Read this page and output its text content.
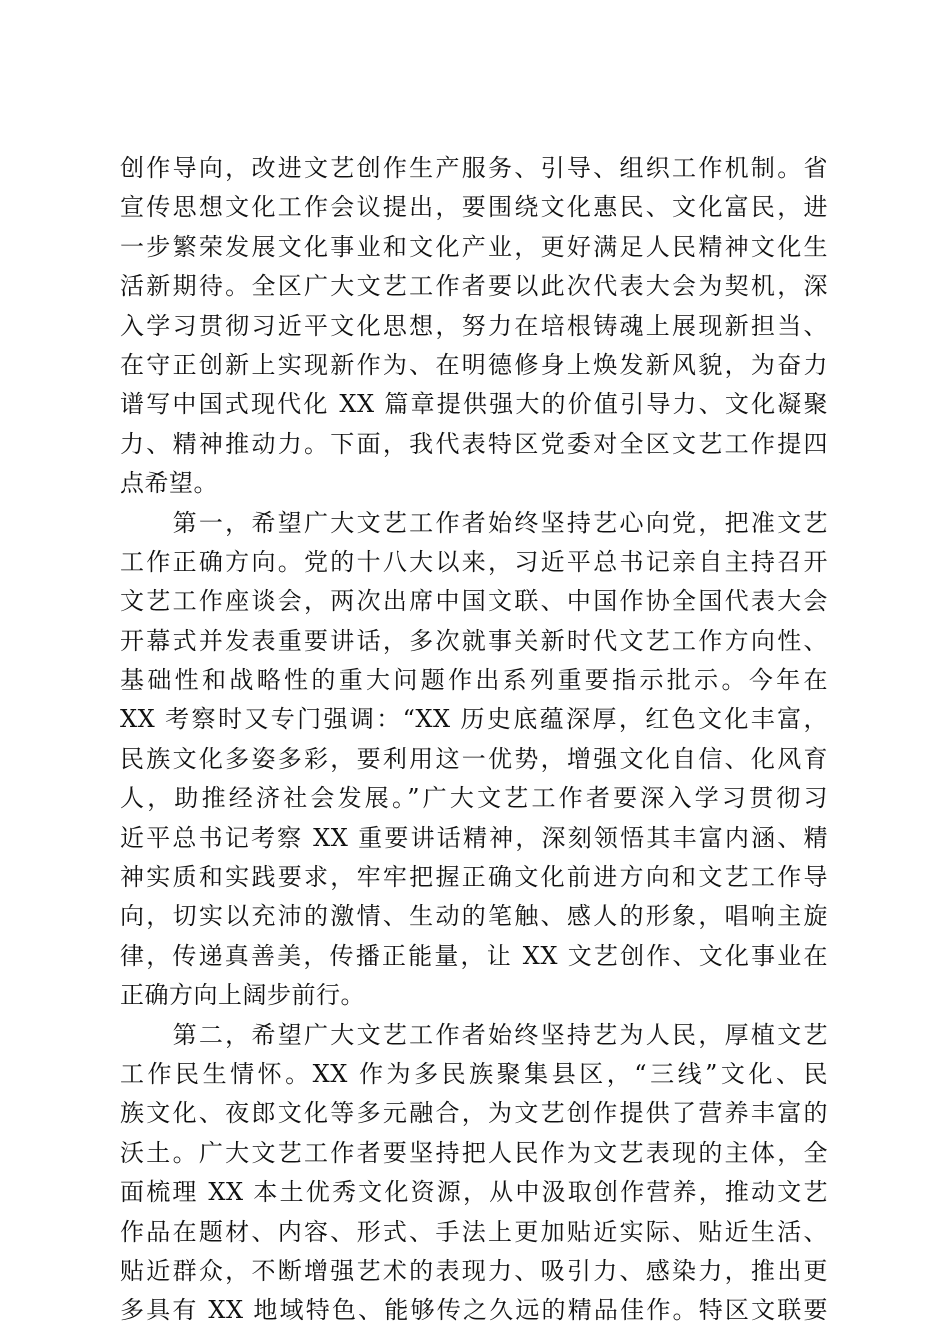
创作导向，改进文艺创作生产服务、引导、组织工作机制。省
宣传思想文化工作会议提出，要围绕文化惠民、文化富民，进
一步繁荣发展文化事业和文化产业，更好满足人民精神文化生
活新期待。全区广大文艺工作者要以此次代表大会为契机，深
入学习贯彻习近平文化思想，努力在培根铸魂上展现新担当、
在守正创新上实现新作为、在明德修身上焕发新风貌，为奋力
谱写中国式现代化 XX 篇章提供强大的价值引导力、文化凝聚
力、精神推动力。下面，我代表特区党委对全区文艺工作提四
点希望。
　　第一，希望广大文艺工作者始终坚持艺心向党，把准文艺
工作正确方向。党的十八大以来，习近平总书记亲自主持召开
文艺工作座谈会，两次出席中国文联、中国作协全国代表大会
开幕式并发表重要讲话，多次就事关新时代文艺工作方向性、
基础性和战略性的重大问题作出系列重要指示批示。今年在
XX 考察时又专门强调：“XX 历史底蕴深厚，红色文化丰富，
民族文化多姿多彩，要利用这一优势，增强文化自信、化风育
人，助推经济社会发展。”广大文艺工作者要深入学习贯彻习
近平总书记考察 XX 重要讲话精神，深刻领悟其丰富内涵、精
神实质和实践要求，牢牢把握正确文化前进方向和文艺工作导
向，切实以充沛的激情、生动的笔触、感人的形象，唱响主旋
律，传递真善美，传播正能量，让 XX 文艺创作、文化事业在
正确方向上阔步前行。
　　第二，希望广大文艺工作者始终坚持艺为人民，厚植文艺
工作民生情怀。XX 作为多民族聚集县区，“三线”文化、民
族文化、夜郎文化等多元融合，为文艺创作提供了营养丰富的
沃土。广大文艺工作者要坚持把人民作为文艺表现的主体，全
面梳理 XX 本土优秀文化资源，从中汲取创作营养，推动文艺
作品在题材、内容、形式、手法上更加贴近实际、贴近生活、
贴近群众，不断增强艺术的表现力、吸引力、感染力，推出更
多具有 XX 地域特色、能够传之久远的精品佳作。特区文联要
